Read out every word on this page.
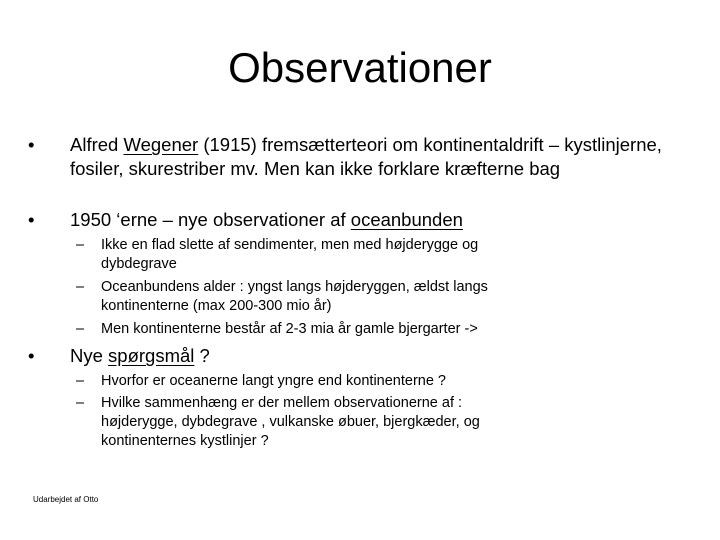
Observationer
•	Alfred Wegener (1915) fremsætterteori om kontinentaldrift – kystlinjerne, fosiler, skurestriber mv. Men kan ikke forklare kræfterne bag
•	1950 ‘erne – nye observationer af oceanbunden
–	Ikke en flad slette af sendimenter, men med højderygge og dybdegrave
–	Oceanbundens alder : yngst langs højderyggen, ældst langs kontinenterne (max 200-300 mio år)
–	Men kontinenterne består af 2-3 mia år gamle bjergarter ->
•	Nye spørgsmål ?
–	Hvorfor er oceanerne langt yngre end kontinenterne ?
–	Hvilke sammenhæng er der mellem observationerne af : højderygge, dybdegrave , vulkanske øbuer, bjergkæder, og kontinenternes kystlinjer ?
Udarbejdet af Otto
